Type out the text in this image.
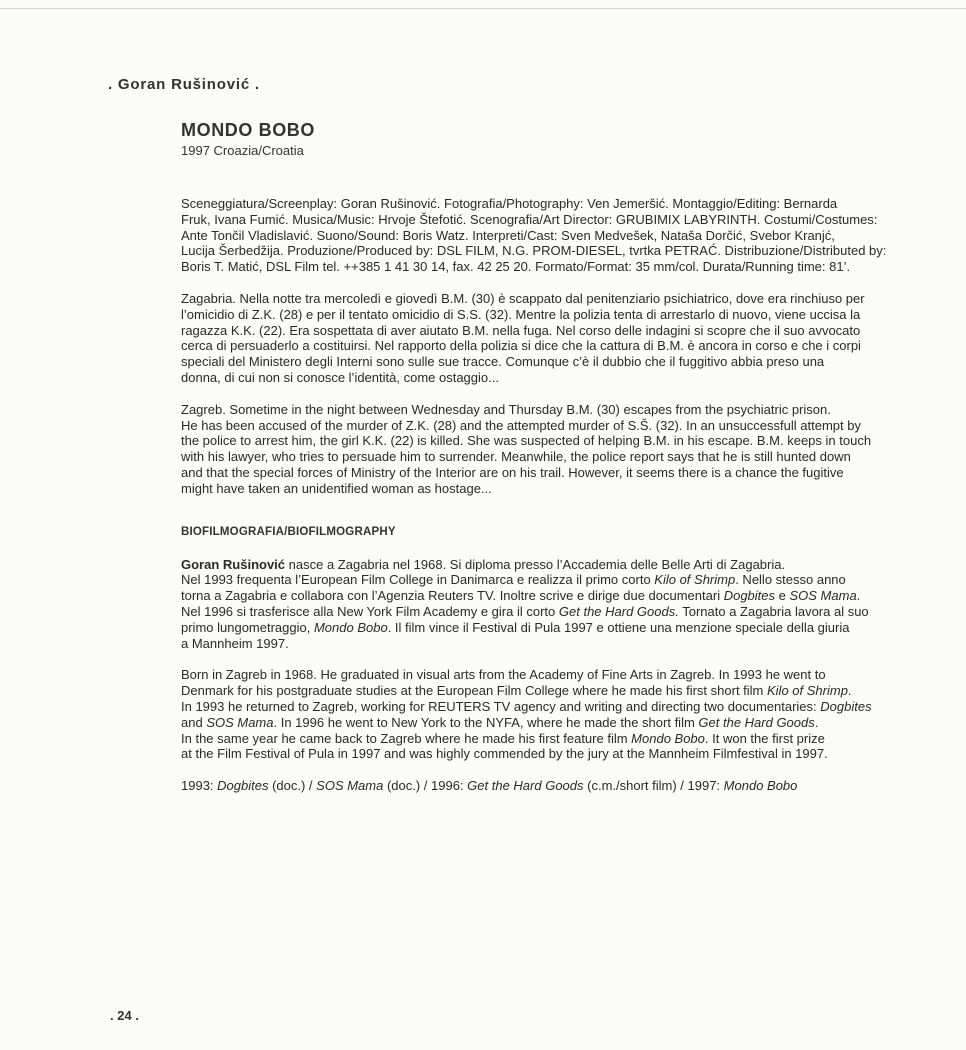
. Goran Rušinović .
MONDO BOBO
1997 Croazia/Croatia
Sceneggiatura/Screenplay: Goran Rušinović. Fotografia/Photography: Ven Jemeršić. Montaggio/Editing: Bernarda
Fruk, Ivana Fumić. Musica/Music: Hrvoje Štefotić. Scenografia/Art Director: GRUBIMIX LABYRINTH. Costumi/Costumes:
Ante Tončil Vladislavić. Suono/Sound: Boris Watz. Interpreti/Cast: Sven Medvešek, Nataša Dorčić, Svebor Kranjć,
Lucija Šerbedžija. Produzione/Produced by: DSL FILM, N.G. PROM-DIESEL, tvrtka PETRAĆ. Distribuzione/Distributed by:
Boris T. Matić, DSL Film tel. ++385 1 41 30 14, fax. 42 25 20. Formato/Format: 35 mm/col. Durata/Running time: 81’.
Zagabria. Nella notte tra mercoledì e giovedì B.M. (30) è scappato dal penitenziario psichiatrico, dove era rinchiuso per
l’omicidio di Z.K. (28) e per il tentato omicidio di S.S. (32). Mentre la polizia tenta di arrestarlo di nuovo, viene uccisa la
ragazza K.K. (22). Era sospettata di aver aiutato B.M. nella fuga. Nel corso delle indagini si scopre che il suo avvocato
cerca di persuaderlo a costituirsi. Nel rapporto della polizia si dice che la cattura di B.M. è ancora in corso e che i corpi
speciali del Ministero degli Interni sono sulle sue tracce. Comunque c’è il dubbio che il fuggitivo abbia preso una
donna, di cui non si conosce l’identità, come ostaggio...
Zagreb. Sometime in the night between Wednesday and Thursday B.M. (30) escapes from the psychiatric prison.
He has been accused of the murder of Z.K. (28) and the attempted murder of S.Š. (32). In an unsuccessfull attempt by
the police to arrest him, the girl K.K. (22) is killed. She was suspected of helping B.M. in his escape. B.M. keeps in touch
with his lawyer, who tries to persuade him to surrender. Meanwhile, the police report says that he is still hunted down
and that the special forces of Ministry of the Interior are on his trail. However, it seems there is a chance the fugitive
might have taken an unidentified woman as hostage...
BIOFILMOGRAFIA/BIOFILMOGRAPHY
Goran Rušinović nasce a Zagabria nel 1968. Si diploma presso l’Accademia delle Belle Arti di Zagabria.
Nel 1993 frequenta l’European Film College in Danimarca e realizza il primo corto Kilo of Shrimp. Nello stesso anno
torna a Zagabria e collabora con l’Agenzia Reuters TV. Inoltre scrive e dirige due documentari Dogbites e SOS Mama.
Nel 1996 si trasferisce alla New York Film Academy e gira il corto Get the Hard Goods. Tornato a Zagabria lavora al suo
primo lungometraggio, Mondo Bobo. Il film vince il Festival di Pula 1997 e ottiene una menzione speciale della giuria
a Mannheim 1997.
Born in Zagreb in 1968. He graduated in visual arts from the Academy of Fine Arts in Zagreb. In 1993 he went to
Denmark for his postgraduate studies at the European Film College where he made his first short film Kilo of Shrimp.
In 1993 he returned to Zagreb, working for REUTERS TV agency and writing and directing two documentaries: Dogbites
and SOS Mama. In 1996 he went to New York to the NYFA, where he made the short film Get the Hard Goods.
In the same year he came back to Zagreb where he made his first feature film Mondo Bobo. It won the first prize
at the Film Festival of Pula in 1997 and was highly commended by the jury at the Mannheim Filmfestival in 1997.
1993: Dogbites (doc.) / SOS Mama (doc.) / 1996: Get the Hard Goods (c.m./short film) / 1997: Mondo Bobo
. 24 .
